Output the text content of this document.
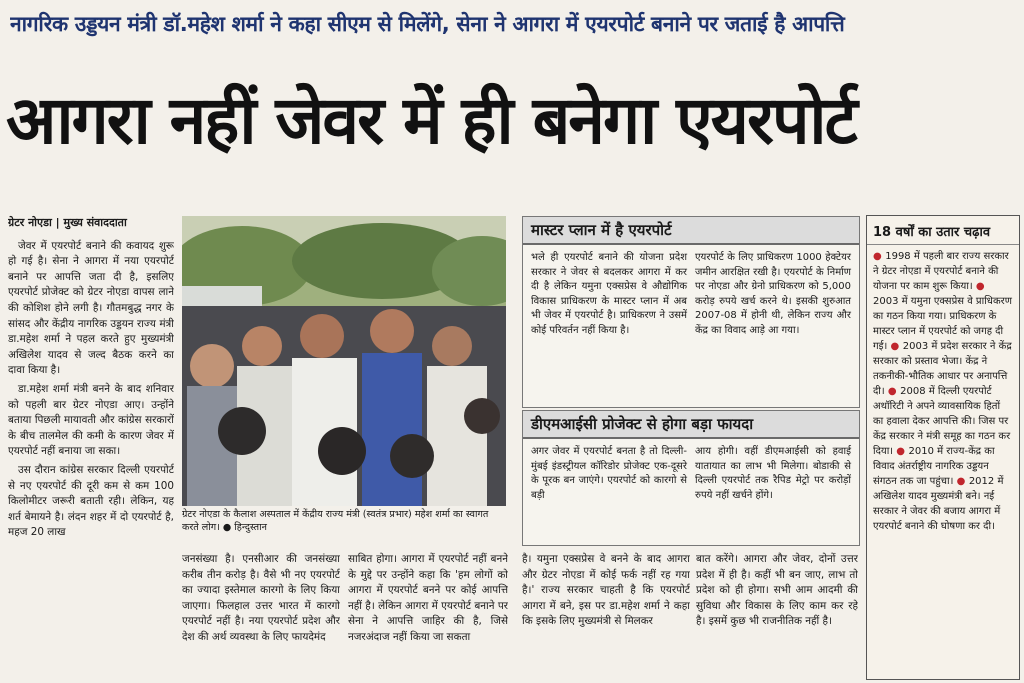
नागरिक उड्डयन मंत्री डॉ.महेश शर्मा ने कहा सीएम से मिलेंगे, सेना ने आगरा में एयरपोर्ट बनाने पर जताई है आपत्ति
आगरा नहीं जेवर में ही बनेगा एयरपोर्ट
ग्रेटर नोएडा | मुख्य संवाददाता

जेवर में एयरपोर्ट बनाने की कवायद शुरू हो गई है। सेना ने आगरा में नया एयरपोर्ट बनाने पर आपत्ति जता दी है, इसलिए एयरपोर्ट प्रोजेक्ट को ग्रेटर नोएडा वापस लाने की कोशिश होने लगी है। गौतमबुद्ध नगर के सांसद और केंद्रीय नागरिक उड्डयन राज्य मंत्री डा.महेश शर्मा ने पहल करते हुए मुख्यमंत्री अखिलेश यादव से जल्द बैठक करने का दावा किया है।

डा.महेश शर्मा मंत्री बनने के बाद शनिवार को पहली बार ग्रेटर नोएडा आए। उन्होंने बताया पिछली मायावती और कांग्रेस सरकारों के बीच तालमेल की कमी के कारण जेवर में एयरपोर्ट नहीं बनाया जा सका।

उस दौरान कांग्रेस सरकार दिल्ली एयरपोर्ट से नए एयरपोर्ट की दूरी कम से कम 100 किलोमीटर जरूरी बताती रही। लेकिन, यह शर्त बेमायने है। लंदन शहर में दो एयरपोर्ट है, महज 20 लाख

ग्रेटर नोएडा के कैलाश अस्पताल में केंद्रीय राज्य मंत्री (स्वतंत्र प्रभार) महेश शर्मा का स्वागत करते लोग। ● हिन्दुस्तान

जनसंख्या है। एनसीआर की जनसंख्या करीब तीन करोड़ है। वैसे भी नए एयरपोर्ट का ज्यादा इस्तेमाल कारगो के लिए किया जाएगा। फिलहाल उत्तर भारत में कारगो एयरपोर्ट नहीं है। नया एयरपोर्ट प्रदेश और देश की अर्थ व्यवस्था के लिए फायदेमंद

साबित होगा। आगरा में एयरपोर्ट नहीं बनने के मुद्दे पर उन्होंने कहा कि 'हम लोगों को आगरा में एयरपोर्ट बनने पर कोई आपत्ति नहीं है। लेकिन आगरा में एयरपोर्ट बनाने पर सेना ने आपत्ति जाहिर की है, जिसे नजरअंदाज नहीं किया जा सकता

है। यमुना एक्सप्रेस वे बनने के बाद आगरा और ग्रेटर नोएडा में कोई फर्क नहीं रह गया है।' राज्य सरकार चाहती है कि एयरपोर्ट आगरा में बने, इस पर डा.महेश शर्मा ने कहा कि इसके लिए मुख्यमंत्री से मिलकर

बात करेंगे। आगरा और जेवर, दोनों उत्तर प्रदेश में ही है। कहीं भी बन जाए, लाभ तो प्रदेश को ही होगा। सभी आम आदमी की सुविधा और विकास के लिए काम कर रहे है। इसमें कुछ भी राजनीतिक नहीं है।

मास्टर प्लान में है एयरपोर्ट
भले ही एयरपोर्ट बनाने की योजना प्रदेश सरकार ने जेवर से बदलकर आगरा में कर दी है लेकिन यमुना एक्सप्रेस वे औद्योगिक विकास प्राधिकरण के मास्टर प्लान में अब भी जेवर में एयरपोर्ट है। प्राधिकरण ने उसमें कोई परिवर्तन नहीं किया है।
एयरपोर्ट के लिए प्राधिकरण 1000 हेक्टेयर जमीन आरक्षित रखी है। एयरपोर्ट के निर्माण पर नोएडा और ग्रेनो प्राधिकरण को 5,000 करोड़ रुपये खर्च करने थे। इसकी शुरुआत 2007-08 में होनी थी, लेकिन राज्य और केंद्र का विवाद आड़े आ गया।
डीएमआईसी प्रोजेक्ट से होगा बड़ा फायदा
अगर जेवर में एयरपोर्ट बनता है तो दिल्ली-मुंबई इंडस्ट्रीयल कॉरिडोर प्रोजेक्ट एक-दूसरे के पूरक बन जाएंगे। एयरपोर्ट को कारगो से बड़ी
आय होगी। वहीं डीएमआईसी को हवाई यातायात का लाभ भी मिलेगा। बोडाकी से दिल्ली एयरपोर्ट तक रैपिड मेट्रो पर करोड़ों रुपये नहीं खर्चने होंगे।
18 वर्षों का उतार चढ़ाव
● 1998 में पहली बार राज्य सरकार ने ग्रेटर नोएडा में एयरपोर्ट बनाने की योजना पर काम शुरू किया। ● 2003 में यमुना एक्सप्रेस वे प्राधिकरण का गठन किया गया। प्राधिकरण के मास्टर प्लान में एयरपोर्ट को जगह दी गई। ● 2003 में प्रदेश सरकार ने केंद्र सरकार को प्रस्ताव भेजा। केंद्र ने तकनीकी-भौतिक आधार पर अनापत्ति दी। ● 2008 में दिल्ली एयरपोर्ट अथॉरिटी ने अपने व्यावसायिक हितों का हवाला देकर आपत्ति की। जिस पर केंद्र सरकार ने मंत्री समूह का गठन कर दिया। ● 2010 में राज्य-केंद्र का विवाद अंतर्राष्ट्रीय नागरिक उड्डयन संगठन तक जा पहुंचा। ● 2012 में अखिलेश यादव मुख्यमंत्री बने। नई सरकार ने जेवर की बजाय आगरा में एयरपोर्ट बनाने की घोषणा कर दी।
